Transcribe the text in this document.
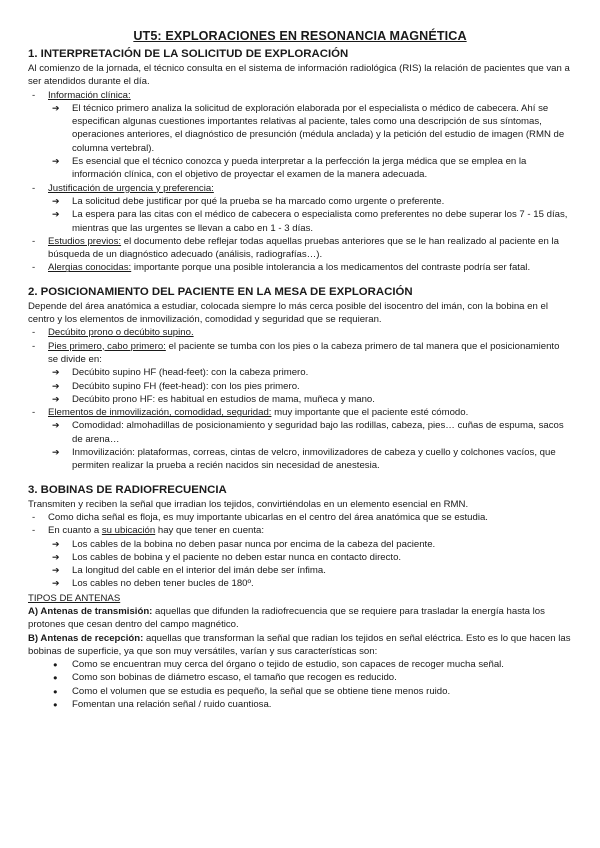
UT5: EXPLORACIONES EN RESONANCIA MAGNÉTICA
1. INTERPRETACIÓN DE LA SOLICITUD DE EXPLORACIÓN

Al comienzo de la jornada, el técnico consulta en el sistema de información radiológica (RIS) la relación de pacientes que van a ser atendidos durante el día.

- Información clínica:
➔ El técnico primero analiza la solicitud de exploración elaborada por el especialista o médico de cabecera. Ahí se especifican algunas cuestiones importantes relativas al paciente, tales como una descripción de sus síntomas, operaciones anteriores, el diagnóstico de presunción (médula anclada) y la petición del estudio de imagen (RMN de columna vertebral).
➔ Es esencial que el técnico conozca y pueda interpretar a la perfección la jerga médica que se emplea en la información clínica, con el objetivo de proyectar el examen de la manera adecuada.
- Justificación de urgencia y preferencia:
➔ La solicitud debe justificar por qué la prueba se ha marcado como urgente o preferente.
➔ La espera para las citas con el médico de cabecera o especialista como preferentes no debe superar los 7 - 15 días, mientras que las urgentes se llevan a cabo en 1 - 3 días.
- Estudios previos: el documento debe reflejar todas aquellas pruebas anteriores que se le han realizado al paciente en la búsqueda de un diagnóstico adecuado (análisis, radiografías…).
- Alergias conocidas: importante porque una posible intolerancia a los medicamentos del contraste podría ser fatal.
2. POSICIONAMIENTO DEL PACIENTE EN LA MESA DE EXPLORACIÓN

Depende del área anatómica a estudiar, colocada siempre lo más cerca posible del isocentro del imán, con la bobina en el centro y los elementos de inmovilización, comodidad y seguridad que se requieran.

- Decúbito prono o decúbito supino.
- Pies primero, cabo primero: el paciente se tumba con los pies o la cabeza primero de tal manera que el posicionamiento se divide en:
➔ Decúbito supino HF (head-feet): con la cabeza primero.
➔ Decúbito supino FH (feet-head): con los pies primero.
➔ Decúbito prono HF: es habitual en estudios de mama, muñeca y mano.
- Elementos de inmovilización, comodidad, seguridad: muy importante que el paciente esté cómodo.
➔ Comodidad: almohadillas de posicionamiento y seguridad bajo las rodillas, cabeza, pies… cuñas de espuma, sacos de arena…
➔ Inmovilización: plataformas, correas, cintas de velcro, inmovilizadores de cabeza y cuello y colchones vacíos, que permiten realizar la prueba a recién nacidos sin necesidad de anestesia.
3. BOBINAS DE RADIOFRECUENCIA

Transmiten y reciben la señal que irradian los tejidos, convirtiéndolas en un elemento esencial en RMN.

- Como dicha señal es floja, es muy importante ubicarlas en el centro del área anatómica que se estudia.
- En cuanto a su ubicación hay que tener en cuenta:
➔ Los cables de la bobina no deben pasar nunca por encima de la cabeza del paciente.
➔ Los cables de bobina y el paciente no deben estar nunca en contacto directo.
➔ La longitud del cable en el interior del imán debe ser ínfima.
➔ Los cables no deben tener bucles de 180º.

TIPOS DE ANTENAS

A) Antenas de transmisión: aquellas que difunden la radiofrecuencia que se requiere para trasladar la energía hasta los protones que cesan dentro del campo magnético.

B) Antenas de recepción: aquellas que transforman la señal que radian los tejidos en señal eléctrica. Esto es lo que hacen las bobinas de superficie, ya que son muy versátiles, varían y sus características son:

● Como se encuentran muy cerca del órgano o tejido de estudio, son capaces de recoger mucha señal.
● Como son bobinas de diámetro escaso, el tamaño que recogen es reducido.
● Como el volumen que se estudia es pequeño, la señal que se obtiene tiene menos ruido.
● Fomentan una relación señal / ruido cuantiosa.
